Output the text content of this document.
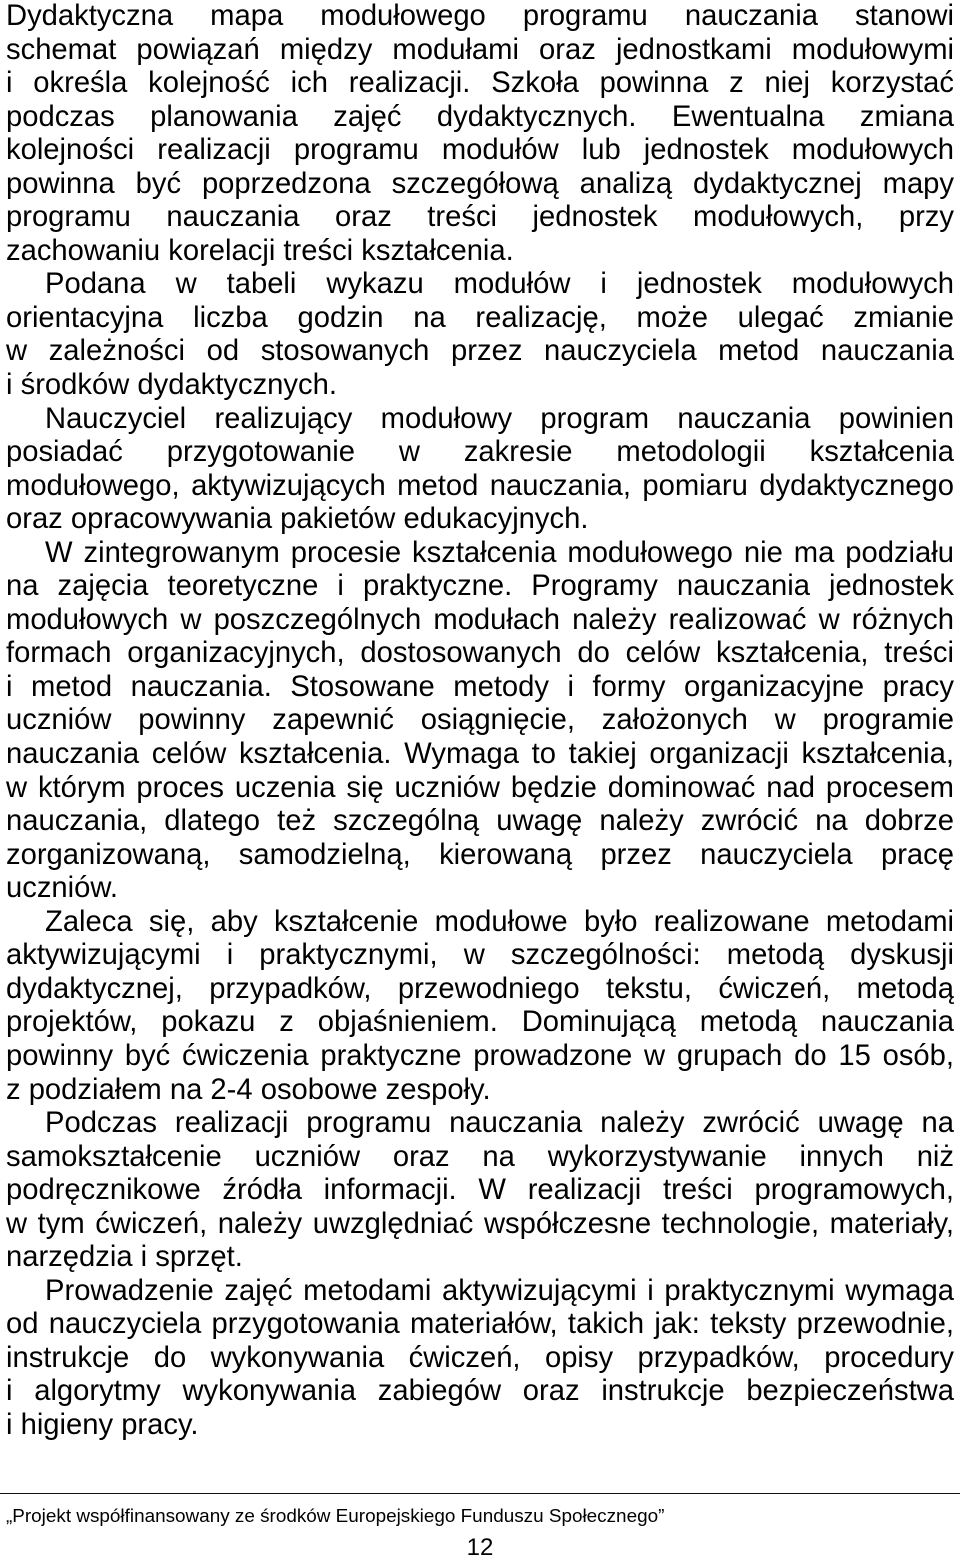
Dydaktyczna mapa modułowego programu nauczania stanowi
schemat powiązań między modułami oraz jednostkami modułowymi
i określa kolejność ich realizacji. Szkoła powinna z niej korzystać
podczas planowania zajęć dydaktycznych. Ewentualna zmiana
kolejności realizacji programu modułów lub jednostek modułowych
powinna być poprzedzona szczegółową analizą dydaktycznej mapy
programu nauczania oraz treści jednostek modułowych, przy
zachowaniu korelacji treści kształcenia.
Podana w tabeli wykazu modułów i jednostek modułowych
orientacyjna liczba godzin na realizację, może ulegać zmianie
w zależności od stosowanych przez nauczyciela metod nauczania
i środków dydaktycznych.
Nauczyciel realizujący modułowy program nauczania powinien
posiadać przygotowanie w zakresie metodologii kształcenia
modułowego, aktywizujących metod nauczania, pomiaru dydaktycznego
oraz opracowywania pakietów edukacyjnych.
W zintegrowanym procesie kształcenia modułowego nie ma podziału
na zajęcia teoretyczne i praktyczne. Programy nauczania jednostek
modułowych w poszczególnych modułach należy realizować w różnych
formach organizacyjnych, dostosowanych do celów kształcenia, treści
i metod nauczania. Stosowane metody i formy organizacyjne pracy
uczniów powinny zapewnić osiągnięcie, założonych w programie
nauczania celów kształcenia. Wymaga to takiej organizacji kształcenia,
w którym proces uczenia się uczniów będzie dominować nad procesem
nauczania, dlatego też szczególną uwagę należy zwrócić na dobrze
zorganizowaną, samodzielną, kierowaną przez nauczyciela pracę
uczniów.
Zaleca się, aby kształcenie modułowe było realizowane metodami
aktywizującymi i praktycznymi, w szczególności: metodą dyskusji
dydaktycznej, przypadków, przewodniego tekstu, ćwiczeń, metodą
projektów, pokazu z objaśnieniem. Dominującą metodą nauczania
powinny być ćwiczenia praktyczne prowadzone w grupach do 15 osób,
z podziałem na 2-4 osobowe zespoły.
Podczas realizacji programu nauczania należy zwrócić uwagę na
samokształcenie uczniów oraz na wykorzystywanie innych niż
podręcznikowe źródła informacji. W realizacji treści programowych,
w tym ćwiczeń, należy uwzględniać współczesne technologie, materiały,
narzędzia i sprzęt.
Prowadzenie zajęć metodami aktywizującymi i praktycznymi wymaga
od nauczyciela przygotowania materiałów, takich jak: teksty przewodnie,
instrukcje do wykonywania ćwiczeń, opisy przypadków, procedury
i algorytmy wykonywania zabiegów oraz instrukcje bezpieczeństwa
i higieny pracy.
„Projekt współfinansowany ze środków Europejskiego Funduszu Społecznego”
12
